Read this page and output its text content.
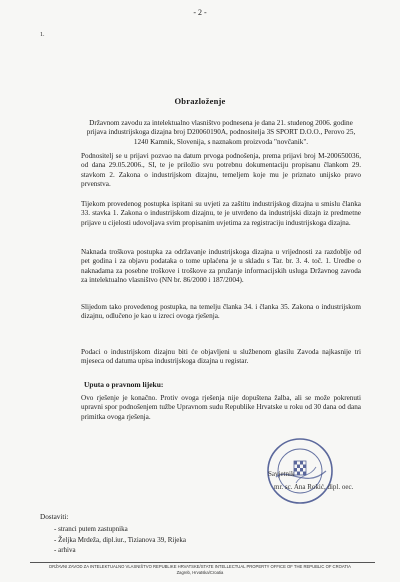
- 2 -
1.
Obrazloženje

Državnom zavodu za intelektualno vlasništvo podnesena je dana 21. studenog 2006. godine prijava industrijskoga dizajna broj D20060190A, podnositelja 3S SPORT D.O.O., Perovo 25, 1240 Kamnik, Slovenija, s naznakom proizvoda "novčanik".

Podnositelj se u prijavi pozvao na datum prvoga podnošenja, prema prijavi broj M-200650036, od dana 29.05.2006., SI, te je priložio svu potrebnu dokumentaciju propisanu člankom 29. stavkom 2. Zakona o industrijskom dizajnu, temeljem koje mu je priznato unijsko pravo prvenstva.

Tijekom provedenog postupka ispitani su uvjeti za zaštitu industrijskog dizajna u smislu članka 33. stavka 1. Zakona o industrijskom dizajnu, te je utvrđeno da industrijski dizajn iz predmetne prijave u cijelosti udovoljava svim propisanim uvjetima za registraciju industrijskoga dizajna.

Naknada troškova postupka za održavanje industrijskoga dizajna u vrijednosti za razdoblje od pet godina i za objavu podataka o tome uplaćena je u skladu s Tar. br. 3. 4. toč. 1. Uredbe o naknadama za posebne troškove i troškove za pružanje informacijskih usluga Državnog zavoda za intelektualno vlasništvo (NN br. 86/2000 i 187/2004).

Slijedom tako provedenog postupka, na temelju članka 34. i članka 35. Zakona o industrijskom dizajnu, odlučeno je kao u izreci ovoga rješenja.

Podaci o industrijskom dizajnu biti će objavljeni u službenom glasilu Zavoda najkasnije tri mjeseca od datuma upisa industrijskoga dizajna u registar.

Uputa o pravnom lijeku:

Ovo rješenje je konačno. Protiv ovoga rješenja nije dopuštena žalba, ali se može pokrenuti upravni spor podnošenjem tužbe Upravnom sudu Republike Hrvatske u roku od 30 dana od dana primitka ovoga rješenja.

Savjetnik
mr. sc. Ana Rokić, dipl. oec.
Dostaviti:
- stranci putem zastupnika
- Željka Mrdeža, dipl.iur., Tizianova 39, Rijeka
- arhiva
DRŽAVNI ZAVOD ZA INTELEKTUALNO VLASNIŠTVO REPUBLIKE HRVATSKE/STATE INTELLECTUAL PROPERTY OFFICE OF THE REPUBLIC OF CROATIA
Zagreb, Hrvatska/Croatia
